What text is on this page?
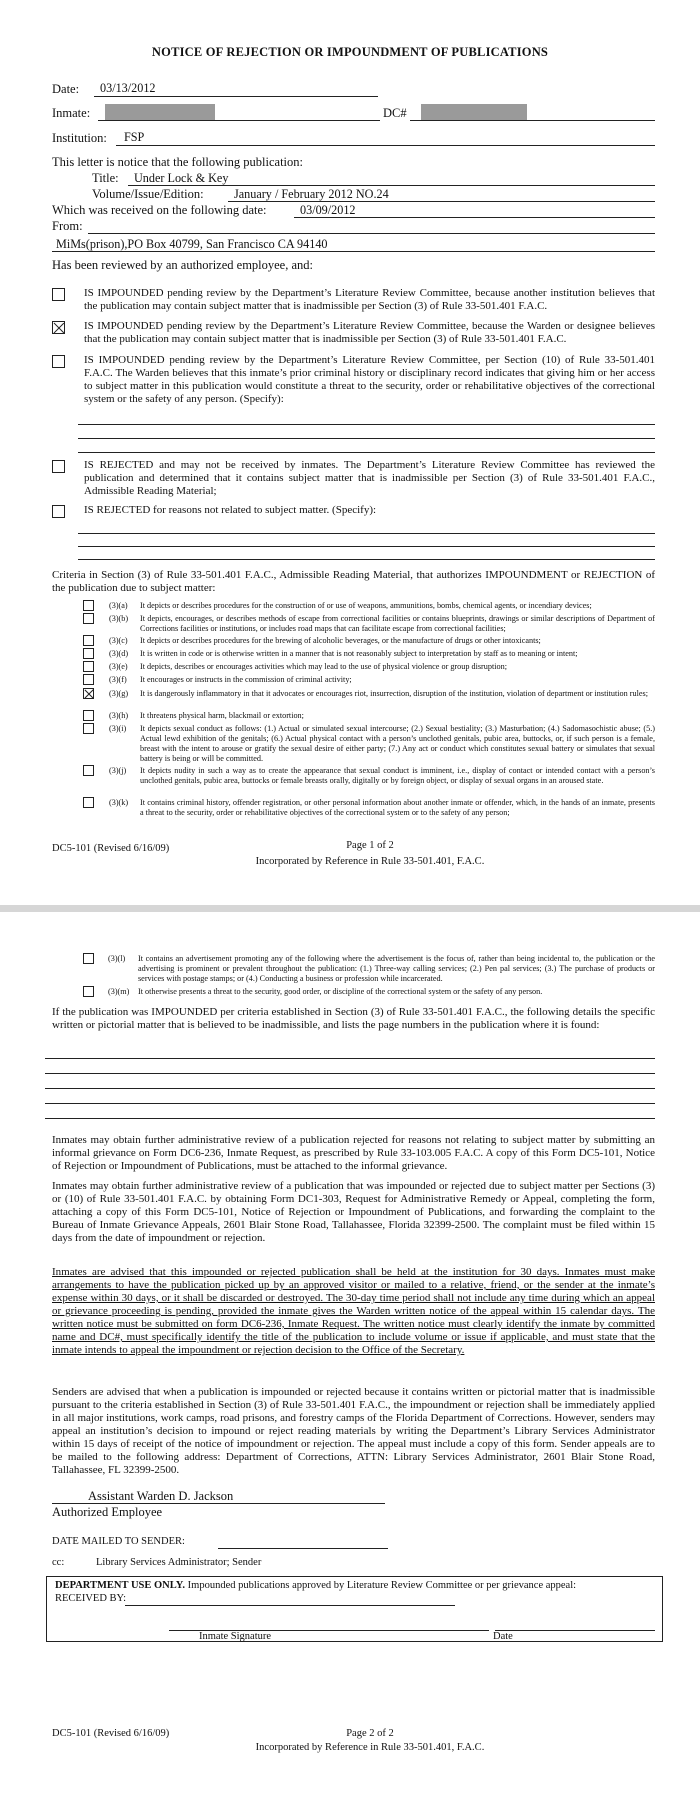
NOTICE OF REJECTION OR IMPOUNDMENT OF PUBLICATIONS
Date: 03/13/2012
Inmate:	DC#
Institution: FSP
This letter is notice that the following publication:
Title: Under Lock & Key
Volume/Issue/Edition: January / February 2012 NO.24
Which was received on the following date:	03/09/2012
From:
MiMs(prison),PO Box 40799, San Francisco CA 94140
Has been reviewed by an authorized employee, and:
IS IMPOUNDED pending review by the Department’s Literature Review Committee, because another institution believes that the publication may contain subject matter that is inadmissible per Section (3) of Rule 33-501.401 F.A.C.
IS IMPOUNDED pending review by the Department’s Literature Review Committee, because the Warden or designee believes that the publication may contain subject matter that is inadmissible per Section (3) of Rule 33-501.401 F.A.C.
IS IMPOUNDED pending review by the Department’s Literature Review Committee, per Section (10) of Rule 33-501.401 F.A.C. The Warden believes that this inmate’s prior criminal history or disciplinary record indicates that giving him or her access to subject matter in this publication would constitute a threat to the security, order or rehabilitative objectives of the correctional system or the safety of any person. (Specify):
IS REJECTED and may not be received by inmates. The Department’s Literature Review Committee has reviewed the publication and determined that it contains subject matter that is inadmissible per Section (3) of Rule 33-501.401 F.A.C., Admissible Reading Material;
IS REJECTED for reasons not related to subject matter. (Specify):
Criteria in Section (3) of Rule 33-501.401 F.A.C., Admissible Reading Material, that authorizes IMPOUNDMENT or REJECTION of the publication due to subject matter:
(3)(a) It depicts or describes procedures for the construction of or use of weapons, ammunitions, bombs, chemical agents, or incendiary devices;
(3)(b) It depicts, encourages, or describes methods of escape from correctional facilities or contains blueprints, drawings or similar descriptions of Department of Corrections facilities or institutions, or includes road maps that can facilitate escape from correctional facilities;
(3)(c) It depicts or describes procedures for the brewing of alcoholic beverages, or the manufacture of drugs or other intoxicants;
(3)(d) It is written in code or is otherwise written in a manner that is not reasonably subject to interpretation by staff as to meaning or intent;
(3)(e) It depicts, describes or encourages activities which may lead to the use of physical violence or group disruption;
(3)(f) It encourages or instructs in the commission of criminal activity;
(3)(g) It is dangerously inflammatory in that it advocates or encourages riot, insurrection, disruption of the institution, violation of department or institution rules;
(3)(h) It threatens physical harm, blackmail or extortion;
(3)(i) It depicts sexual conduct as follows: (1.) Actual or simulated sexual intercourse; (2.) Sexual bestiality; (3.) Masturbation; (4.) Sadomasochistic abuse; (5.) Actual lewd exhibition of the genitals; (6.) Actual physical contact with a person’s unclothed genitals, pubic area, buttocks, or, if such person is a female, breast with the intent to arouse or gratify the sexual desire of either party; (7.) Any act or conduct which constitutes sexual battery or simulates that sexual battery is being or will be committed.
(3)(j) It depicts nudity in such a way as to create the appearance that sexual conduct is imminent, i.e., display of contact or intended contact with a person’s unclothed genitals, pubic area, buttocks or female breasts orally, digitally or by foreign object, or display of sexual organs in an aroused state.
(3)(k) It contains criminal history, offender registration, or other personal information about another inmate or offender, which, in the hands of an inmate, presents a threat to the security, order or rehabilitative objectives of the correctional system or to the safety of any person;
DC5-101 (Revised 6/16/09)	Page 1 of 2
Incorporated by Reference in Rule 33-501.401, F.A.C.
(3)(l) It contains an advertisement promoting any of the following where the advertisement is the focus of, rather than being incidental to, the publication or the advertising is prominent or prevalent throughout the publication: (1.) Three-way calling services; (2.) Pen pal services; (3.) The purchase of products or services with postage stamps; or (4.) Conducting a business or profession while incarcerated.
(3)(m) It otherwise presents a threat to the security, good order, or discipline of the correctional system or the safety of any person.
If the publication was IMPOUNDED per criteria established in Section (3) of Rule 33-501.401 F.A.C., the following details the specific written or pictorial matter that is believed to be inadmissible, and lists the page numbers in the publication where it is found:
Inmates may obtain further administrative review of a publication rejected for reasons not relating to subject matter by submitting an informal grievance on Form DC6-236, Inmate Request, as prescribed by Rule 33-103.005 F.A.C. A copy of this Form DC5-101, Notice of Rejection or Impoundment of Publications, must be attached to the informal grievance.
Inmates may obtain further administrative review of a publication that was impounded or rejected due to subject matter per Sections (3) or (10) of Rule 33-501.401 F.A.C. by obtaining Form DC1-303, Request for Administrative Remedy or Appeal, completing the form, attaching a copy of this Form DC5-101, Notice of Rejection or Impoundment of Publications, and forwarding the complaint to the Bureau of Inmate Grievance Appeals, 2601 Blair Stone Road, Tallahassee, Florida 32399-2500. The complaint must be filed within 15 days from the date of impoundment or rejection.
Inmates are advised that this impounded or rejected publication shall be held at the institution for 30 days. Inmates must make arrangements to have the publication picked up by an approved visitor or mailed to a relative, friend, or the sender at the inmate’s expense within 30 days, or it shall be discarded or destroyed. The 30-day time period shall not include any time during which an appeal or grievance proceeding is pending, provided the inmate gives the Warden written notice of the appeal within 15 calendar days. The written notice must be submitted on form DC6-236, Inmate Request. The written notice must clearly identify the inmate by committed name and DC#, must specifically identify the title of the publication to include volume or issue if applicable, and must state that the inmate intends to appeal the impoundment or rejection decision to the Office of the Secretary.
Senders are advised that when a publication is impounded or rejected because it contains written or pictorial matter that is inadmissible pursuant to the criteria established in Section (3) of Rule 33-501.401 F.A.C., the impoundment or rejection shall be immediately applied in all major institutions, work camps, road prisons, and forestry camps of the Florida Department of Corrections. However, senders may appeal an institution’s decision to impound or reject reading materials by writing the Department’s Library Services Administrator within 15 days of receipt of the notice of impoundment or rejection. The appeal must include a copy of this form. Sender appeals are to be mailed to the following address: Department of Corrections, ATTN: Library Services Administrator, 2601 Blair Stone Road, Tallahassee, FL 32399-2500.
Assistant Warden D. Jackson
Authorized Employee
DATE MAILED TO SENDER:
cc:	Library Services Administrator; Sender
DEPARTMENT USE ONLY. Impounded publications approved by Literature Review Committee or per grievance appeal:
RECEIVED BY:
Inmate Signature	Date
DC5-101 (Revised 6/16/09)	Page 2 of 2
Incorporated by Reference in Rule 33-501.401, F.A.C.
